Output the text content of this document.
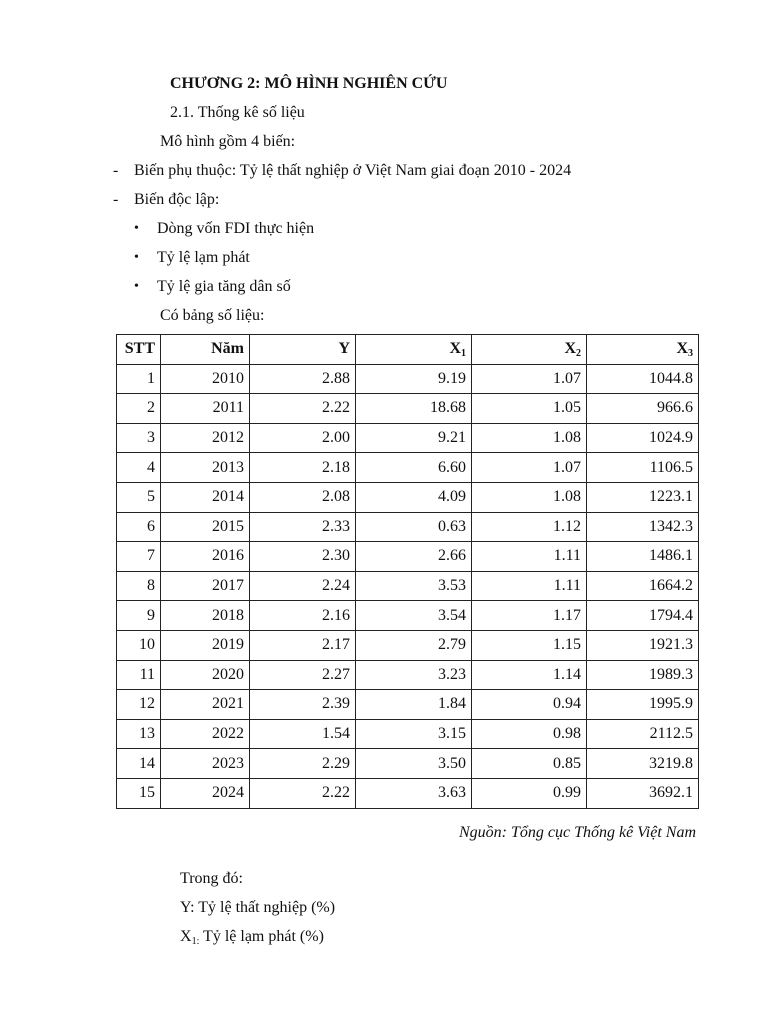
CHƯƠNG 2: MÔ HÌNH NGHIÊN CỨU
2.1. Thống kê số liệu
Mô hình gồm 4 biến:
- Biến phụ thuộc: Tỷ lệ thất nghiệp ở Việt Nam giai đoạn 2010 - 2024
- Biến độc lập:
• Dòng vốn FDI thực hiện
• Tỷ lệ lạm phát
• Tỷ lệ gia tăng dân số
Có bảng số liệu:
STT	Năm	Y	$X_1$	$X_2$	$X_3$
1	2010	2.88	9.19	1.07	1044.8
2	2011	2.22	18.68	1.05	966.6
3	2012	2.00	9.21	1.08	1024.9
4	2013	2.18	6.60	1.07	1106.5
5	2014	2.08	4.09	1.08	1223.1
6	2015	2.33	0.63	1.12	1342.3
7	2016	2.30	2.66	1.11	1486.1
8	2017	2.24	3.53	1.11	1664.2
9	2018	2.16	3.54	1.17	1794.4
10	2019	2.17	2.79	1.15	1921.3
11	2020	2.27	3.23	1.14	1989.3
12	2021	2.39	1.84	0.94	1995.9
13	2022	1.54	3.15	0.98	2112.5
14	2023	2.29	3.50	0.85	3219.8
15	2024	2.22	3.63	0.99	3692.1
Nguồn: Tổng cục Thống kê Việt Nam
Trong đó:
Y: Tỷ lệ thất nghiệp (%)
$X_{1:}$ Tỷ lệ lạm phát (%)
